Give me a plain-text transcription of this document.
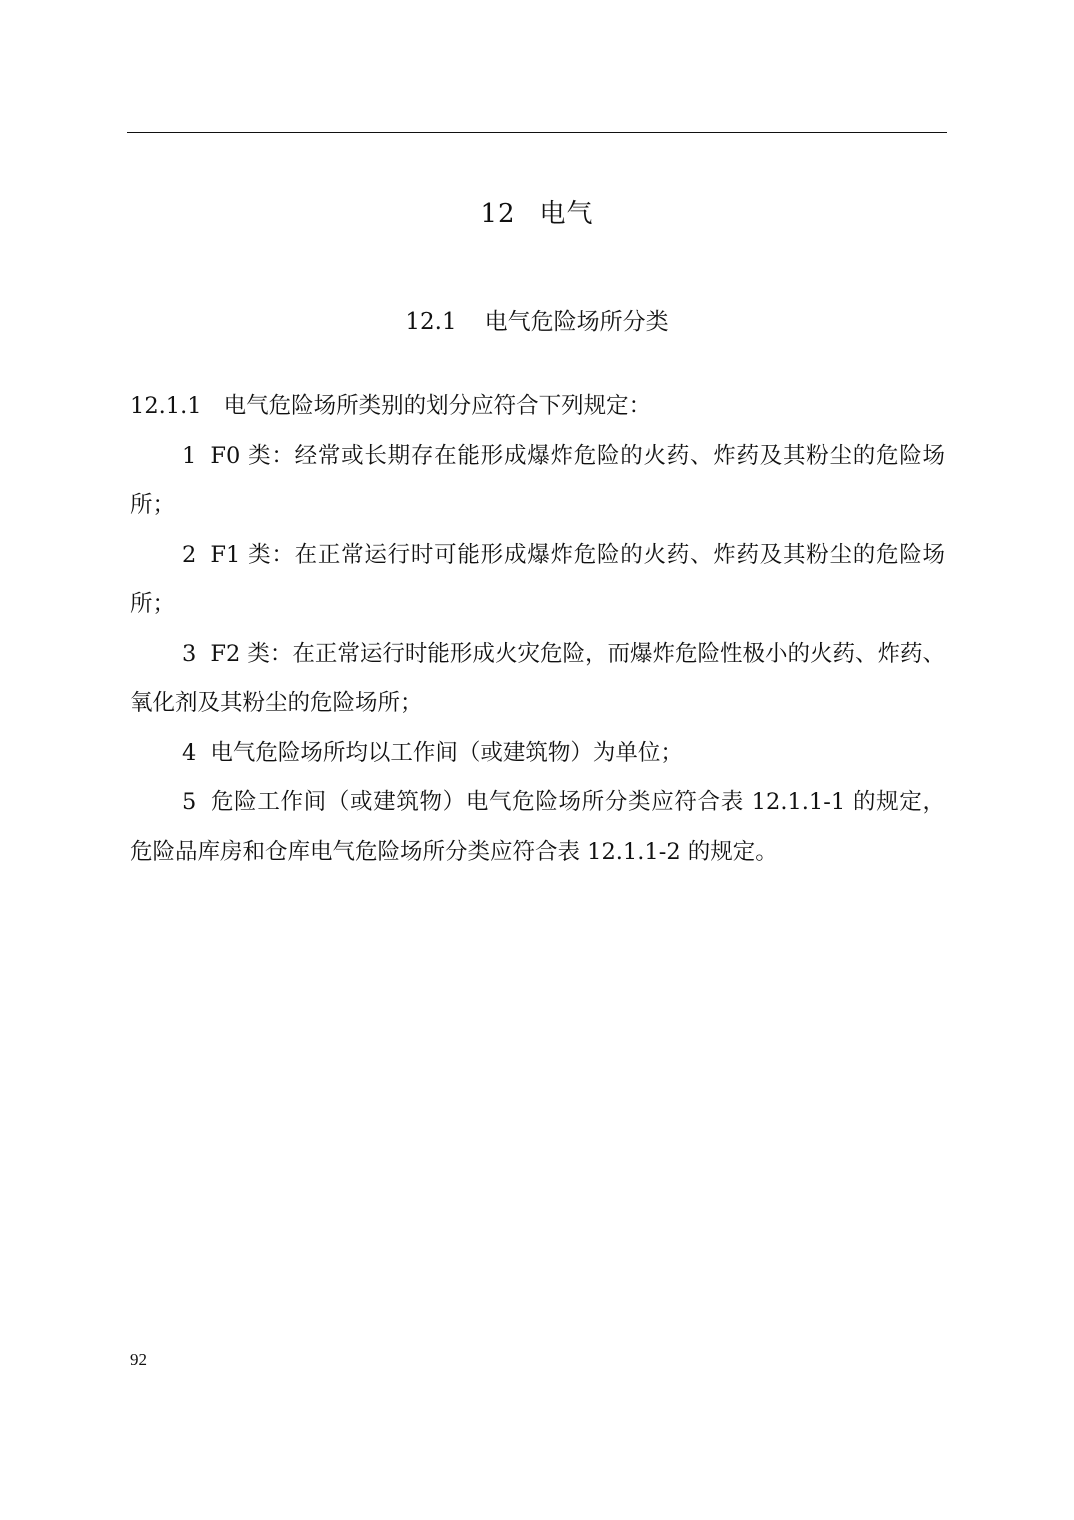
12 电气
12.1 电气危险场所分类

12.1.1 电气危险场所类别的划分应符合下列规定：

1 F0 类：经常或长期存在能形成爆炸危险的火药、炸药及其粉尘的危险场所；

2 F1 类：在正常运行时可能形成爆炸危险的火药、炸药及其粉尘的危险场所；

3 F2 类：在正常运行时能形成火灾危险，而爆炸危险性极小的火药、炸药、氧化剂及其粉尘的危险场所；

4 电气危险场所均以工作间（或建筑物）为单位；

5 危险工作间（或建筑物）电气危险场所分类应符合表 12.1.1-1 的规定，危险品库房和仓库电气危险场所分类应符合表 12.1.1-2 的规定。

92
